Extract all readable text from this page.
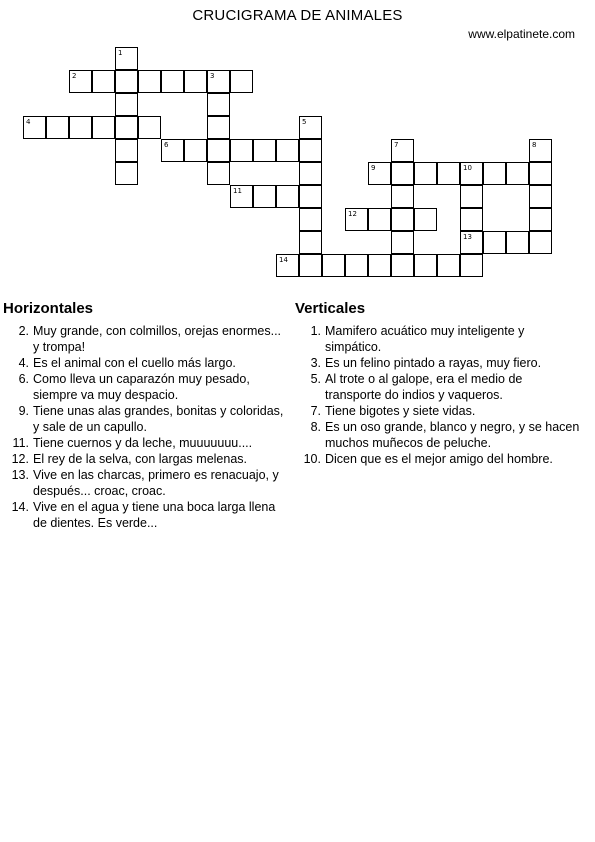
CRUCIGRAMA DE ANIMALES
www.elpatinete.com
2	3
4
6
9	10
11
12
13
14
1
5
7	8
Horizontales
2. Muy grande, con colmillos, orejas enormes... y trompa!
4. Es el animal con el cuello más largo.
6. Como lleva un caparazón muy pesado, siempre va muy despacio.
9. Tiene unas alas grandes, bonitas y coloridas, y sale de un capullo.
11. Tiene cuernos y da leche, muuuuuuu....
12. El rey de la selva, con largas melenas.
13. Vive en las charcas, primero es renacuajo, y después... croac, croac.
14. Vive en el agua y tiene una boca larga llena de dientes. Es verde...
Verticales
1. Mamifero acuático muy inteligente y simpático.
3. Es un felino pintado a rayas, muy fiero.
5. Al trote o al galope, era el medio de transporte do indios y vaqueros.
7. Tiene bigotes y siete vidas.
8. Es un oso grande, blanco y negro, y se hacen muchos muñecos de peluche.
10. Dicen que es el mejor amigo del hombre.
